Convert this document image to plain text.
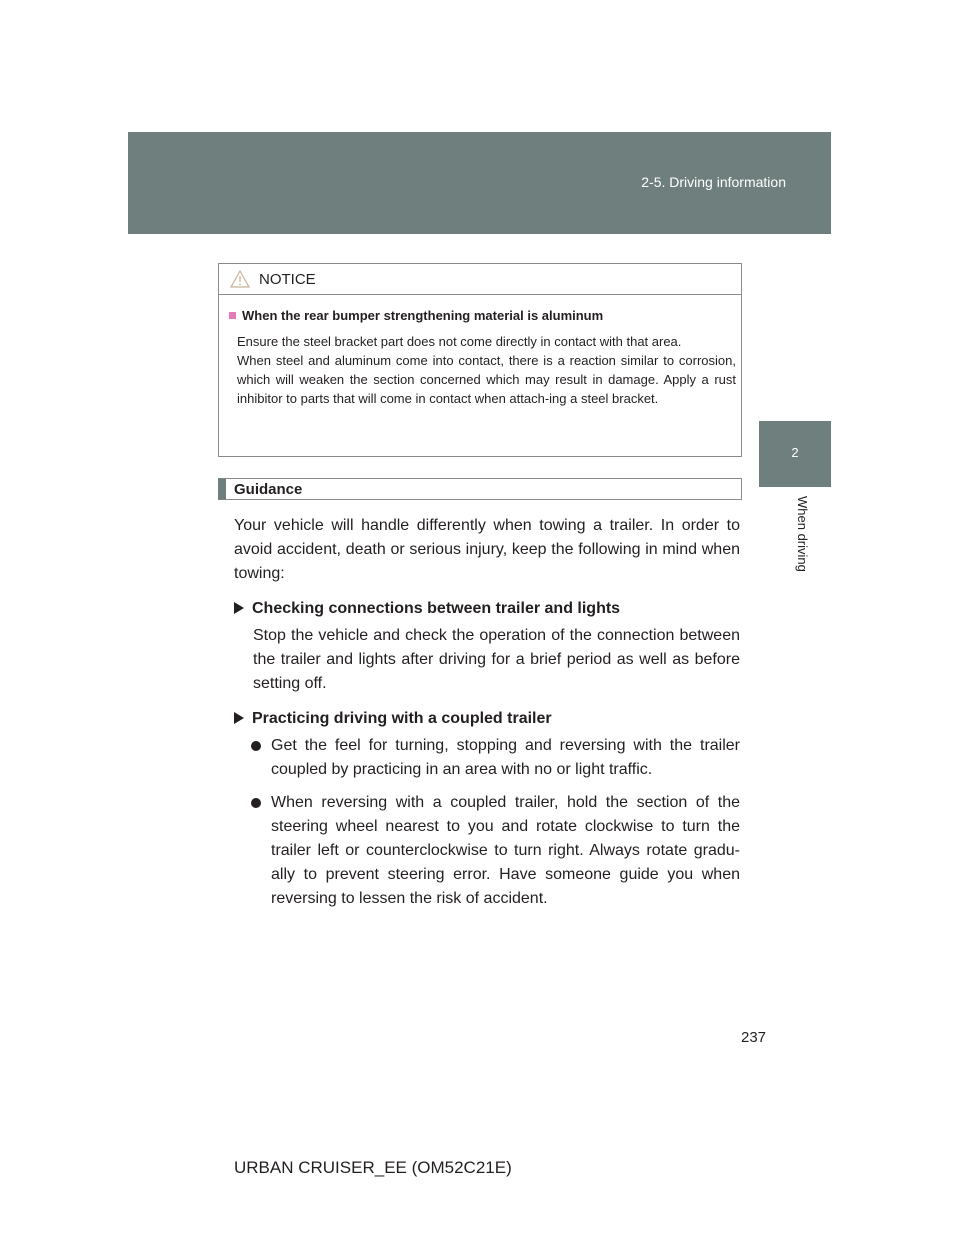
2-5. Driving information
2
When driving
NOTICE

When the rear bumper strengthening material is aluminum

Ensure the steel bracket part does not come directly in contact with that area.

When steel and aluminum come into contact, there is a reaction similar to corrosion, which will weaken the section concerned which may result in damage. Apply a rust inhibitor to parts that will come in contact when attach-ing a steel bracket.

Guidance

Your vehicle will handle differently when towing a trailer. In order to avoid accident, death or serious injury, keep the following in mind when towing:

Checking connections between trailer and lights

Stop the vehicle and check the operation of the connection between the trailer and lights after driving for a brief period as well as before setting off.

Practicing driving with a coupled trailer

Get the feel for turning, stopping and reversing with the trailer coupled by practicing in an area with no or light traffic.

When reversing with a coupled trailer, hold the section of the steering wheel nearest to you and rotate clockwise to turn the trailer left or counterclockwise to turn right. Always rotate gradu-ally to prevent steering error. Have someone guide you when reversing to lessen the risk of accident.

237
URBAN CRUISER_EE (OM52C21E)
